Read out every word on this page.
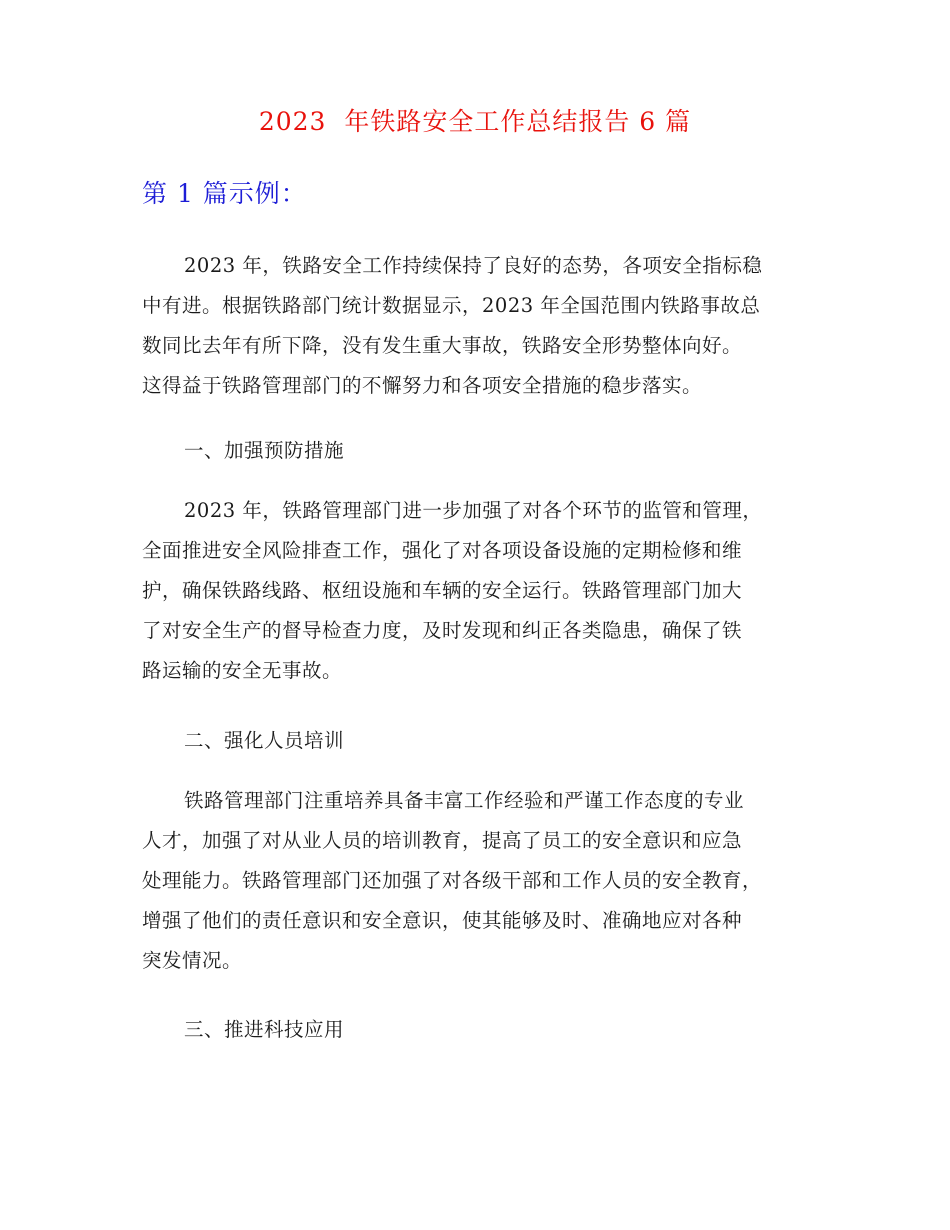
2023  年铁路安全工作总结报告 6 篇
第 1 篇示例：

2023 年，铁路安全工作持续保持了良好的态势，各项安全指标稳
中有进。根据铁路部门统计数据显示，2023 年全国范围内铁路事故总
数同比去年有所下降，没有发生重大事故，铁路安全形势整体向好。
这得益于铁路管理部门的不懈努力和各项安全措施的稳步落实。

一、加强预防措施

2023 年，铁路管理部门进一步加强了对各个环节的监管和管理，
全面推进安全风险排查工作，强化了对各项设备设施的定期检修和维
护，确保铁路线路、枢纽设施和车辆的安全运行。铁路管理部门加大
了对安全生产的督导检查力度，及时发现和纠正各类隐患，确保了铁
路运输的安全无事故。

二、强化人员培训

铁路管理部门注重培养具备丰富工作经验和严谨工作态度的专业
人才，加强了对从业人员的培训教育，提高了员工的安全意识和应急
处理能力。铁路管理部门还加强了对各级干部和工作人员的安全教育，
增强了他们的责任意识和安全意识，使其能够及时、准确地应对各种
突发情况。

三、推进科技应用
